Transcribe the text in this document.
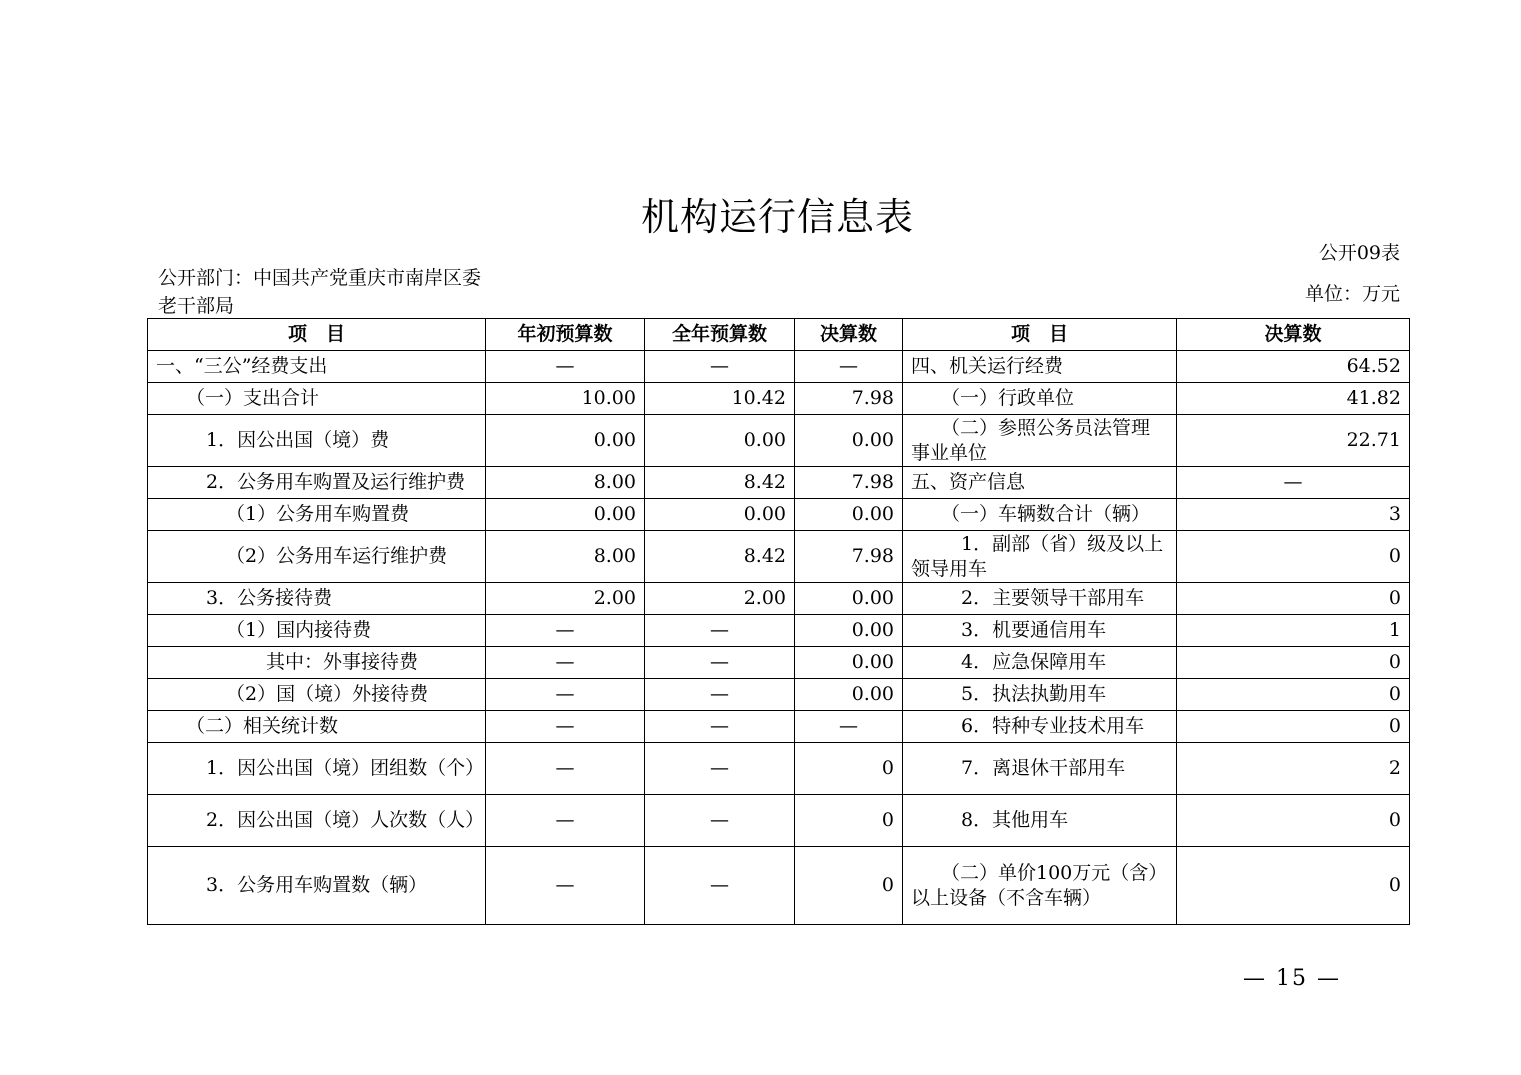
机构运行信息表
公开09表
公开部门：中国共产党重庆市南岸区委老干部局
单位：万元
项　目	年初预算数	全年预算数	决算数	项　目	决算数
一、“三公”经费支出	—	—	—	四、机关运行经费	64.52
（一）支出合计	10.00	10.42	7.98	（一）行政单位	41.82
1．因公出国（境）费	0.00	0.00	0.00	（二）参照公务员法管理事业单位	22.71
2．公务用车购置及运行维护费	8.00	8.42	7.98	五、资产信息	—
（1）公务用车购置费	0.00	0.00	0.00	（一）车辆数合计（辆）	3
（2）公务用车运行维护费	8.00	8.42	7.98	1．副部（省）级及以上领导用车	0
3．公务接待费	2.00	2.00	0.00	2．主要领导干部用车	0
（1）国内接待费	—	—	0.00	3．机要通信用车	1
其中：外事接待费	—	—	0.00	4．应急保障用车	0
（2）国（境）外接待费	—	—	0.00	5．执法执勤用车	0
（二）相关统计数	—	—	—	6．特种专业技术用车	0
1．因公出国（境）团组数（个）	—	—	0	7．离退休干部用车	2
2．因公出国（境）人次数（人）	—	—	0	8．其他用车	0
3．公务用车购置数（辆）	—	—	0	（二）单价100万元（含）以上设备（不含车辆）	0
— 15 —
